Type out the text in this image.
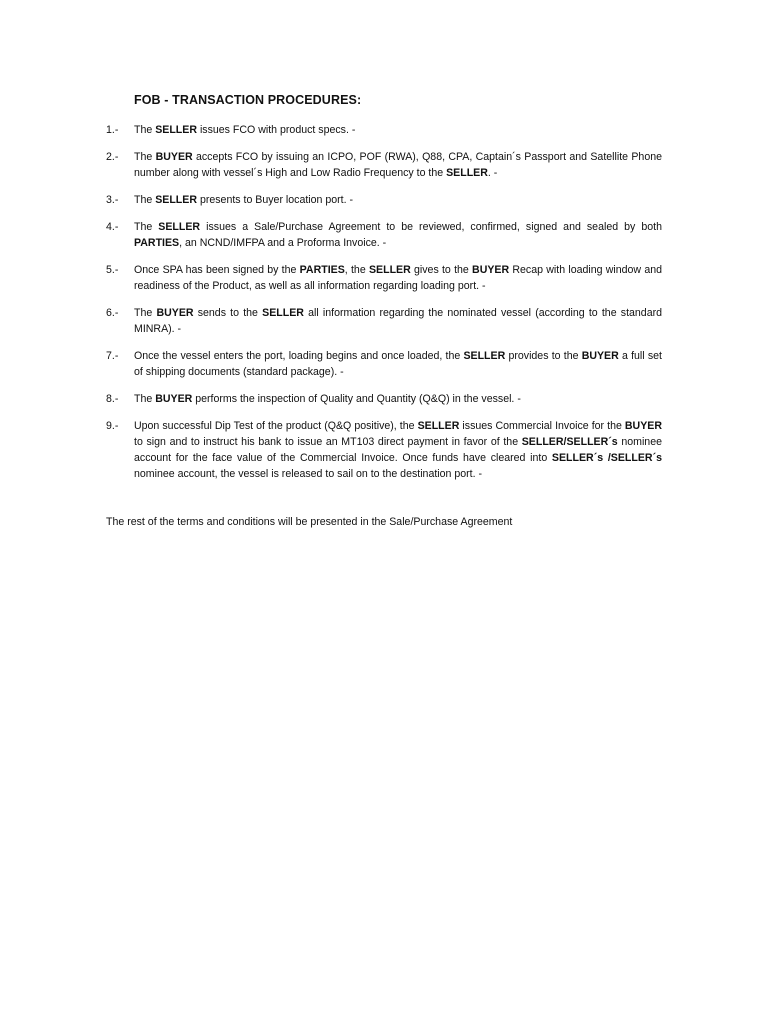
FOB - TRANSACTION PROCEDURES:
1.-	The SELLER issues FCO with product specs. -
2.-	The BUYER accepts FCO by issuing an ICPO, POF (RWA), Q88, CPA, Captain´s Passport and Satellite Phone number along with vessel´s High and Low Radio Frequency to the SELLER. -
3.-	The SELLER presents to Buyer location port. -
4.-	The SELLER issues a Sale/Purchase Agreement to be reviewed, confirmed, signed and sealed by both PARTIES, an NCND/IMFPA and a Proforma Invoice. -
5.-	Once SPA has been signed by the PARTIES, the SELLER gives to the BUYER Recap with loading window and readiness of the Product, as well as all information regarding loading port. -
6.-	The BUYER sends to the SELLER all information regarding the nominated vessel (according to the standard MINRA). -
7.-	Once the vessel enters the port, loading begins and once loaded, the SELLER provides to the BUYER a full set of shipping documents (standard package). -
8.-	The BUYER performs the inspection of Quality and Quantity (Q&Q) in the vessel. -
9.-	Upon successful Dip Test of the product (Q&Q positive), the SELLER issues Commercial Invoice for the BUYER to sign and to instruct his bank to issue an MT103 direct payment in favor of the SELLER/SELLER´s nominee account for the face value of the Commercial Invoice. Once funds have cleared into SELLER´s /SELLER´s nominee account, the vessel is released to sail on to the destination port. -
The rest of the terms and conditions will be presented in the Sale/Purchase Agreement
